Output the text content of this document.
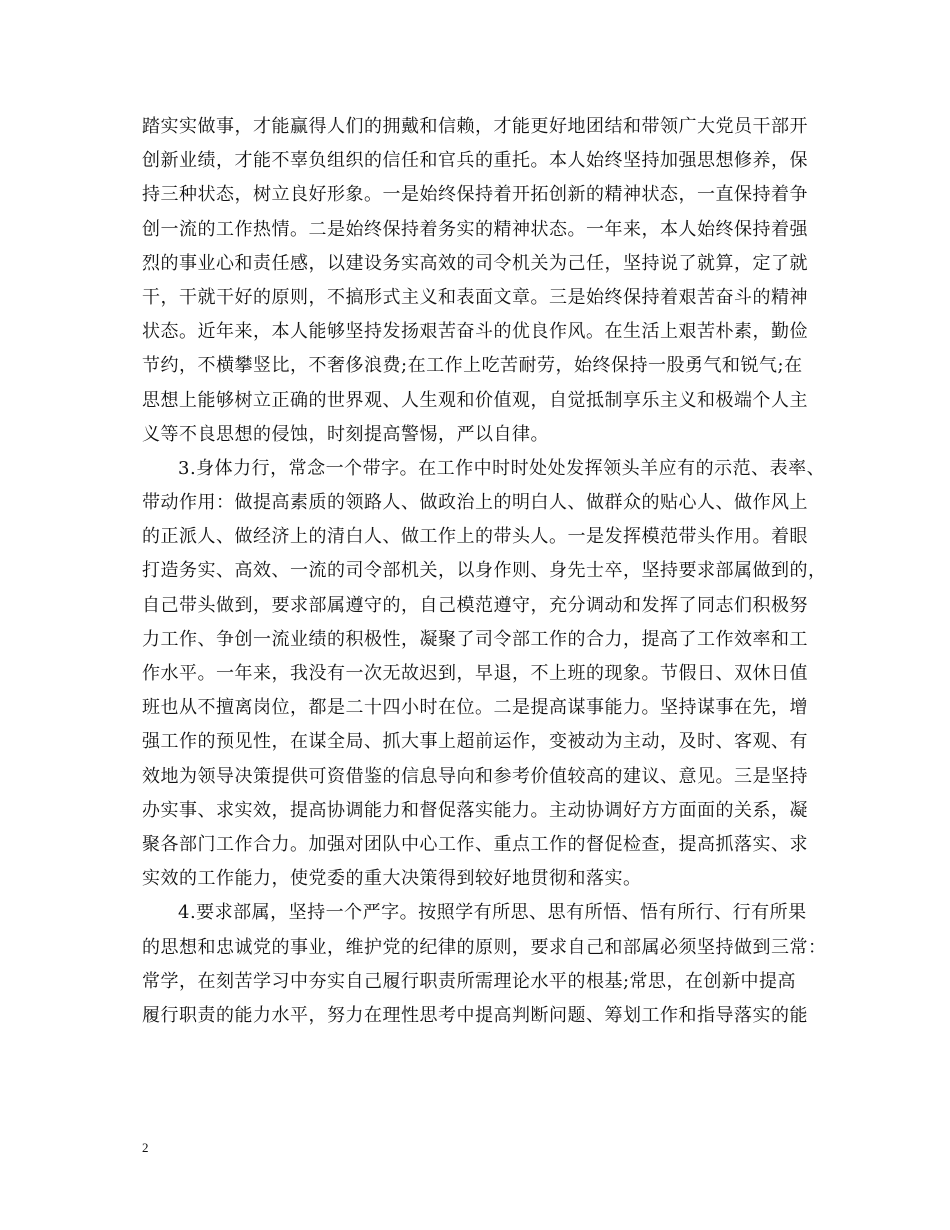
踏实实做事，才能赢得人们的拥戴和信赖，才能更好地团结和带领广大党员干部开
创新业绩，才能不辜负组织的信任和官兵的重托。本人始终坚持加强思想修养，保
持三种状态，树立良好形象。一是始终保持着开拓创新的精神状态，一直保持着争
创一流的工作热情。二是始终保持着务实的精神状态。一年来，本人始终保持着强
烈的事业心和责任感，以建设务实高效的司令机关为己任，坚持说了就算，定了就
干，干就干好的原则，不搞形式主义和表面文章。三是始终保持着艰苦奋斗的精神
状态。近年来，本人能够坚持发扬艰苦奋斗的优良作风。在生活上艰苦朴素，勤俭
节约，不横攀竖比，不奢侈浪费;在工作上吃苦耐劳，始终保持一股勇气和锐气;在
思想上能够树立正确的世界观、人生观和价值观，自觉抵制享乐主义和极端个人主
义等不良思想的侵蚀，时刻提高警惕，严以自律。
3.身体力行，常念一个带字。在工作中时时处处发挥领头羊应有的示范、表率、
带动作用：做提高素质的领路人、做政治上的明白人、做群众的贴心人、做作风上
的正派人、做经济上的清白人、做工作上的带头人。一是发挥模范带头作用。着眼
打造务实、高效、一流的司令部机关，以身作则、身先士卒，坚持要求部属做到的，
自己带头做到，要求部属遵守的，自己模范遵守，充分调动和发挥了同志们积极努
力工作、争创一流业绩的积极性，凝聚了司令部工作的合力，提高了工作效率和工
作水平。一年来，我没有一次无故迟到，早退，不上班的现象。节假日、双休日值
班也从不擅离岗位，都是二十四小时在位。二是提高谋事能力。坚持谋事在先，增
强工作的预见性，在谋全局、抓大事上超前运作，变被动为主动，及时、客观、有
效地为领导决策提供可资借鉴的信息导向和参考价值较高的建议、意见。三是坚持
办实事、求实效，提高协调能力和督促落实能力。主动协调好方方面面的关系，凝
聚各部门工作合力。加强对团队中心工作、重点工作的督促检查，提高抓落实、求
实效的工作能力，使党委的重大决策得到较好地贯彻和落实。
4.要求部属，坚持一个严字。按照学有所思、思有所悟、悟有所行、行有所果
的思想和忠诚党的事业，维护党的纪律的原则，要求自己和部属必须坚持做到三常：
常学，在刻苦学习中夯实自己履行职责所需理论水平的根基;常思，在创新中提高
履行职责的能力水平，努力在理性思考中提高判断问题、筹划工作和指导落实的能
2
